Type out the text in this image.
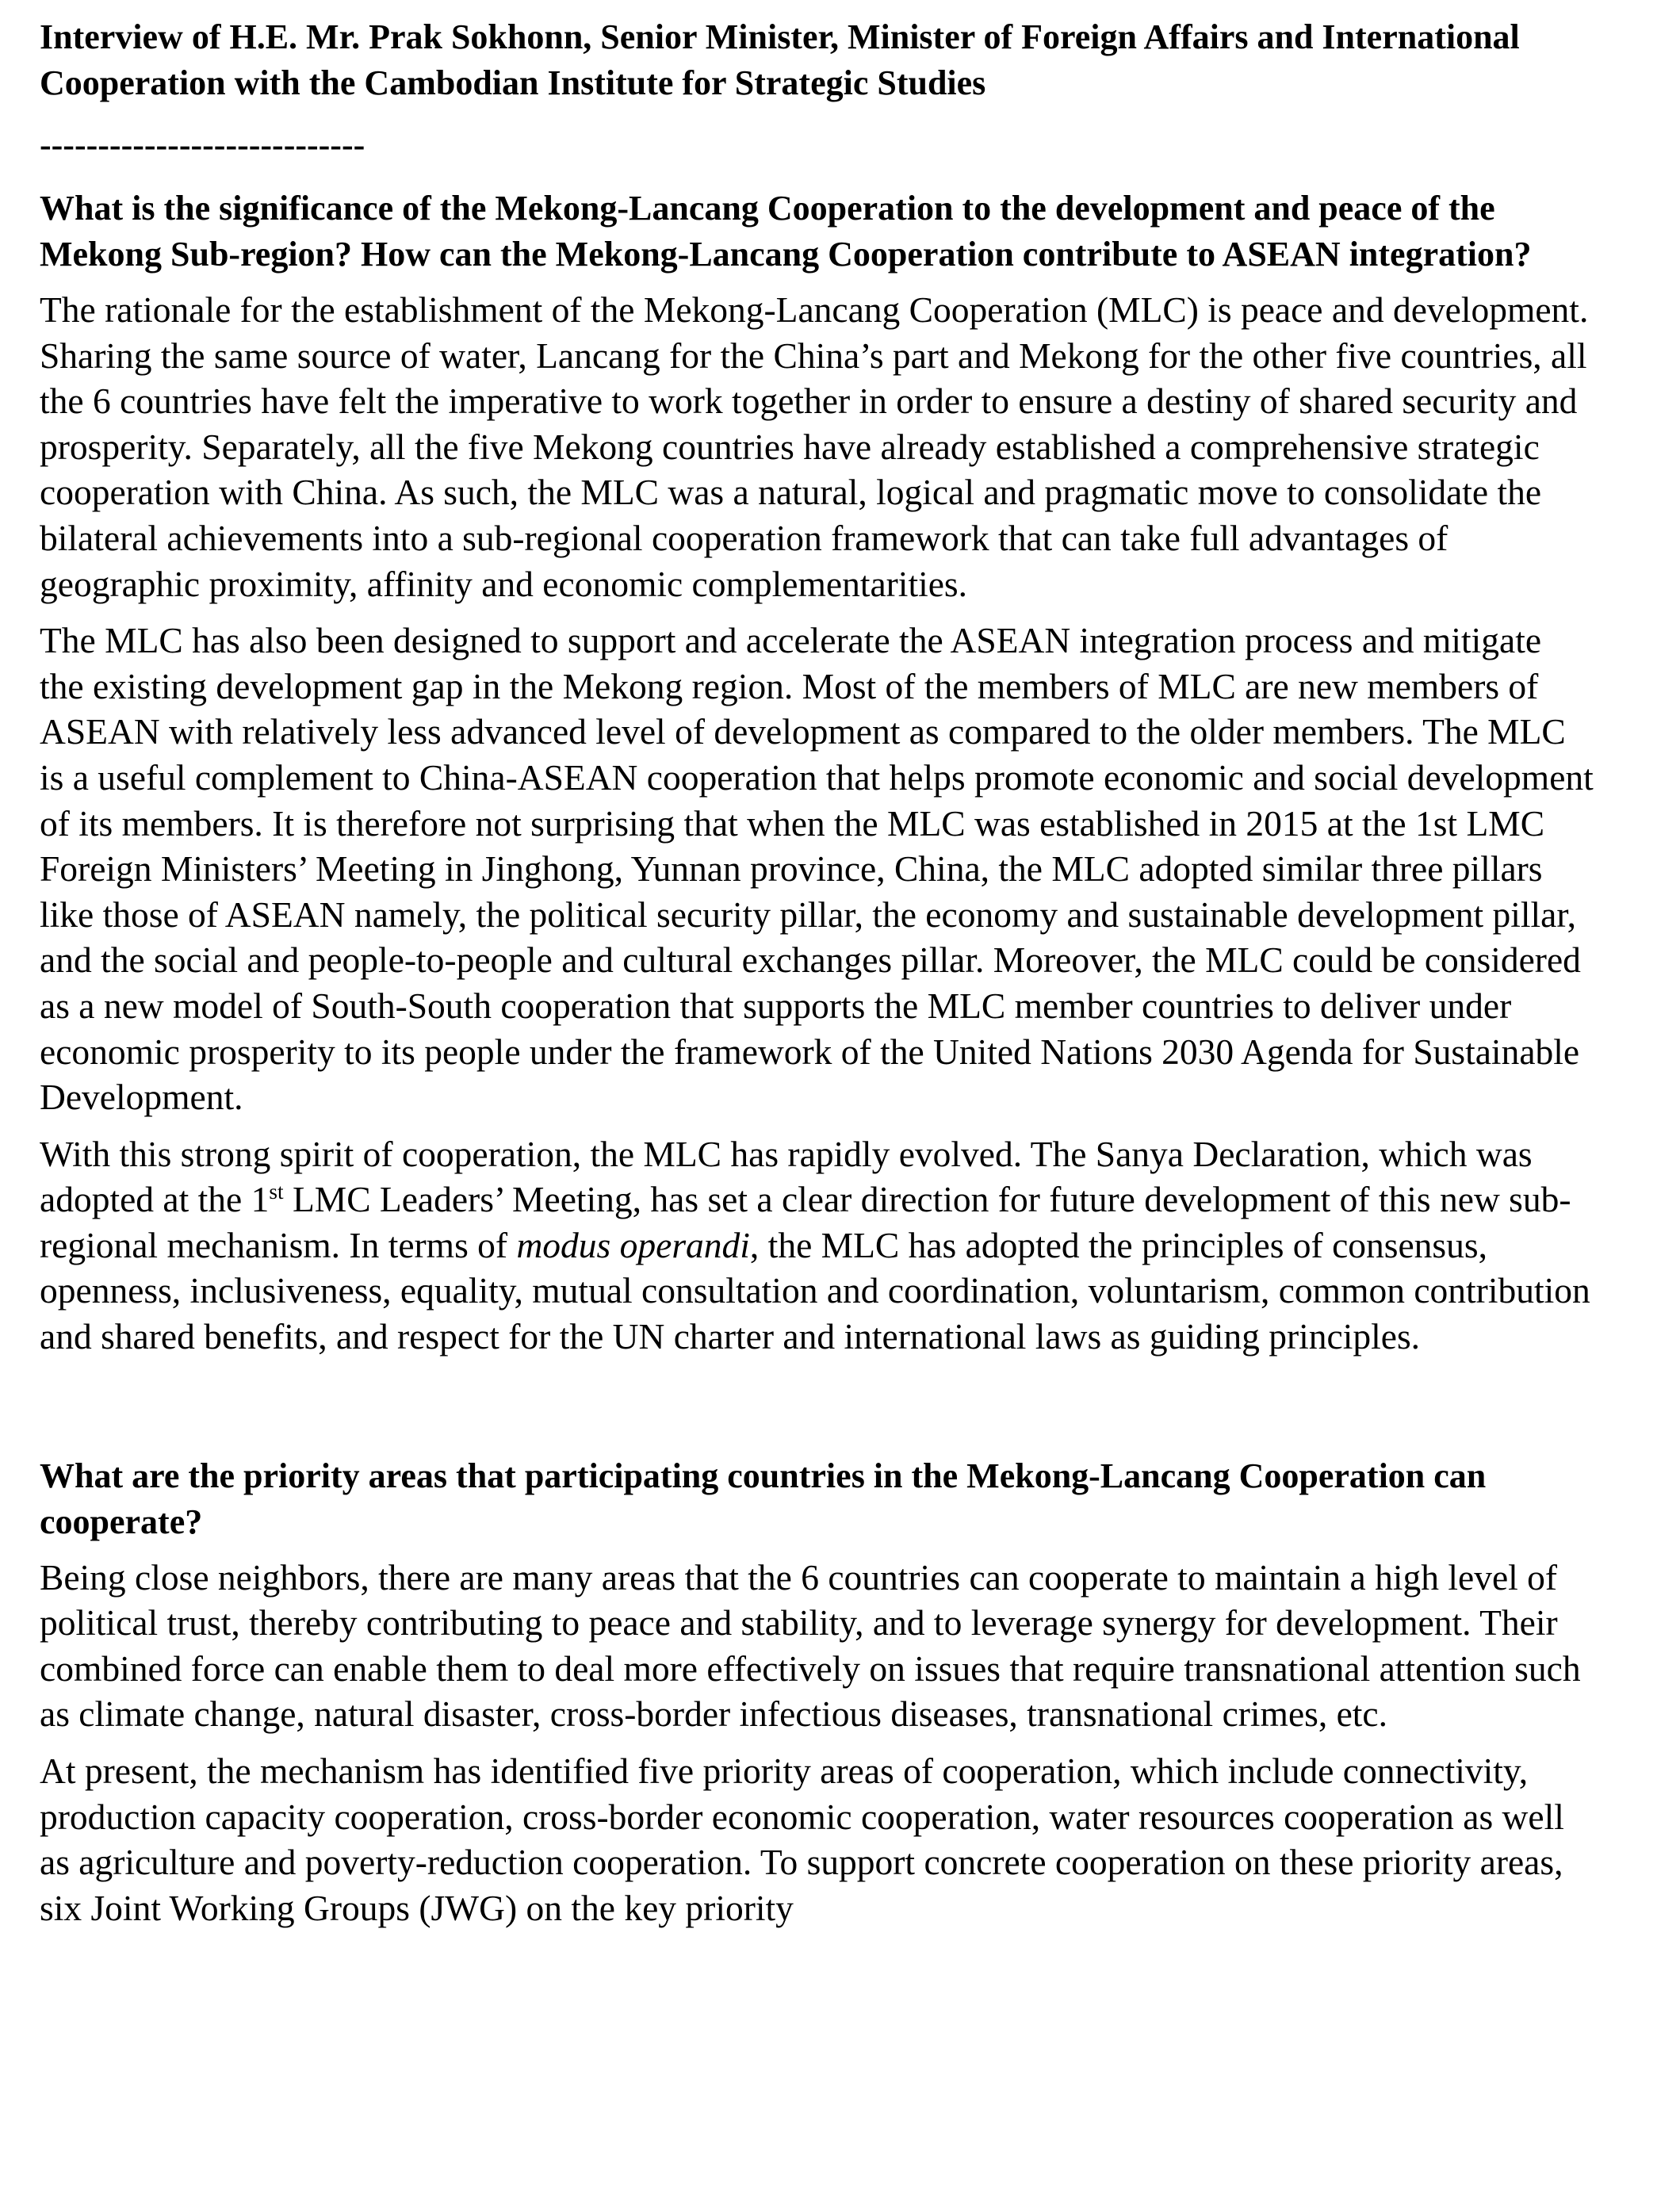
Interview of H.E. Mr. Prak Sokhonn, Senior Minister, Minister of Foreign Affairs and International Cooperation with the Cambodian Institute for Strategic Studies

----------------------------

What is the significance of the Mekong-Lancang Cooperation to the development and peace of the Mekong Sub-region? How can the Mekong-Lancang Cooperation contribute to ASEAN integration?

The rationale for the establishment of the Mekong-Lancang Cooperation (MLC) is peace and development. Sharing the same source of water, Lancang for the China’s part and Mekong for the other five countries, all the 6 countries have felt the imperative to work together in order to ensure a destiny of shared security and prosperity. Separately, all the five Mekong countries have already established a comprehensive strategic cooperation with China. As such, the MLC was a natural, logical and pragmatic move to consolidate the bilateral achievements into a sub-regional cooperation framework that can take full advantages of geographic proximity, affinity and economic complementarities.

The MLC has also been designed to support and accelerate the ASEAN integration process and mitigate the existing development gap in the Mekong region. Most of the members of MLC are new members of ASEAN with relatively less advanced level of development as compared to the older members. The MLC is a useful complement to China-ASEAN cooperation that helps promote economic and social development of its members. It is therefore not surprising that when the MLC was established in 2015 at the 1st LMC Foreign Ministers’ Meeting in Jinghong, Yunnan province, China, the MLC adopted similar three pillars like those of ASEAN namely, the political security pillar, the economy and sustainable development pillar, and the social and people-to-people and cultural exchanges pillar. Moreover, the MLC could be considered as a new model of South-South cooperation that supports the MLC member countries to deliver under economic prosperity to its people under the framework of the United Nations 2030 Agenda for Sustainable Development.

With this strong spirit of cooperation, the MLC has rapidly evolved. The Sanya Declaration, which was adopted at the 1st LMC Leaders’ Meeting, has set a clear direction for future development of this new sub-regional mechanism. In terms of modus operandi, the MLC has adopted the principles of consensus, openness, inclusiveness, equality, mutual consultation and coordination, voluntarism, common contribution and shared benefits, and respect for the UN charter and international laws as guiding principles.

What are the priority areas that participating countries in the Mekong-Lancang Cooperation can cooperate?

Being close neighbors, there are many areas that the 6 countries can cooperate to maintain a high level of political trust, thereby contributing to peace and stability, and to leverage synergy for development. Their combined force can enable them to deal more effectively on issues that require transnational attention such as climate change, natural disaster, cross-border infectious diseases, transnational crimes, etc.

At present, the mechanism has identified five priority areas of cooperation, which include connectivity, production capacity cooperation, cross-border economic cooperation, water resources cooperation as well as agriculture and poverty-reduction cooperation. To support concrete cooperation on these priority areas, six Joint Working Groups (JWG) on the key priority
